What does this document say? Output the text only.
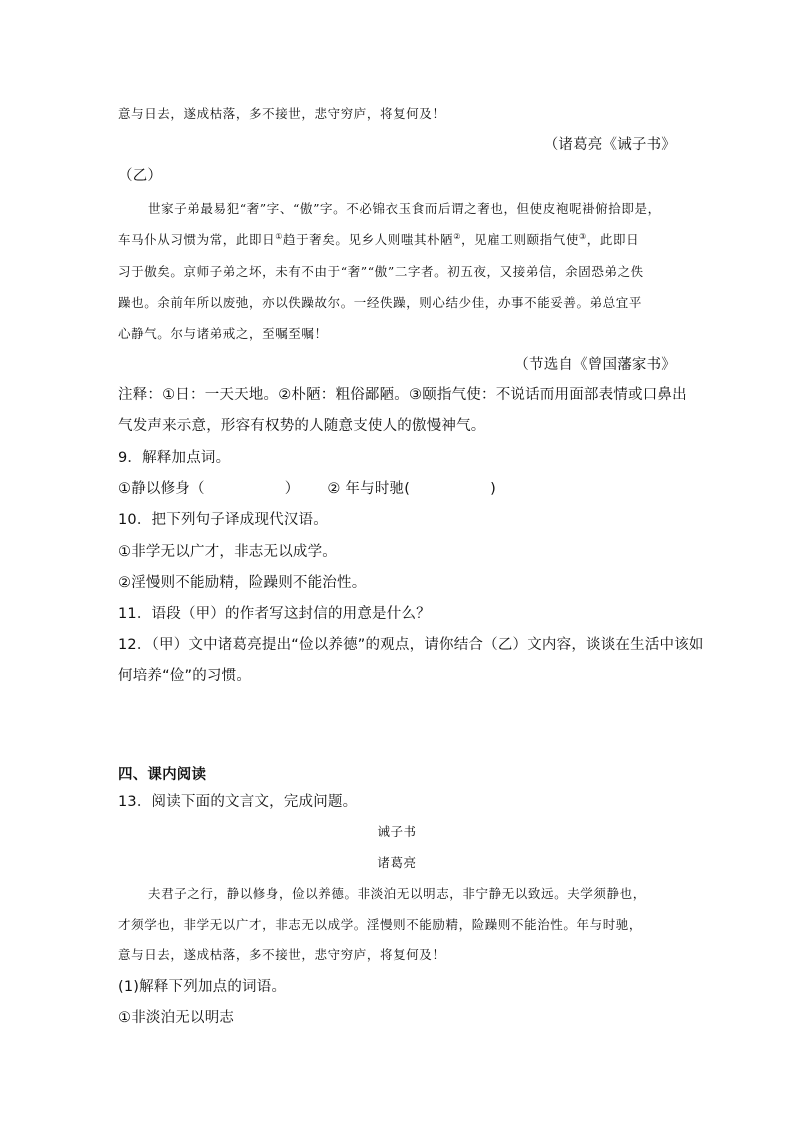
意与日去，遂成枯落，多不接世，悲守穷庐，将复何及！
（诸葛亮《诫子书》
（乙）
世家子弟最易犯“奢”字、“傲”字。不必锦衣玉食而后谓之奢也，但使皮袍呢褂俯拾即是，
车马仆从习惯为常，此即日①趋于奢矣。见乡人则嗤其朴陋②，见雇工则颐指气使③，此即日
习于傲矣。京师子弟之坏，未有不由于“奢”“傲”二字者。初五夜，又接弟信，余固恐弟之佚
躁也。余前年所以废弛，亦以佚躁故尔。一经佚躁，则心结少佳，办事不能妥善。弟总宜平
心静气。尔与诸弟戒之，至嘱至嘱！
（节选自《曾国藩家书》
注释：①日：一天天地。②朴陋：粗俗鄙陋。③颐指气使：不说话而用面部表情或口鼻出
气发声来示意，形容有权势的人随意支使人的傲慢神气。
9．解释加点词。
①静以修身（	） ② 年与时驰(	)
10．把下列句子译成现代汉语。
①非学无以广才，非志无以成学。
②淫慢则不能励精，险躁则不能治性。
11．语段（甲）的作者写这封信的用意是什么？
12．（甲）文中诸葛亮提出“俭以养德”的观点，请你结合（乙）文内容，谈谈在生活中该如
何培养“俭”的习惯。
四、课内阅读
13．阅读下面的文言文，完成问题。
诫子书
诸葛亮
夫君子之行，静以修身，俭以养德。非淡泊无以明志，非宁静无以致远。夫学须静也，
才须学也，非学无以广才，非志无以成学。淫慢则不能励精，险躁则不能治性。年与时驰，
意与日去，遂成枯落，多不接世，悲守穷庐，将复何及！
(1)解释下列加点的词语。
①非淡泊无以明志
